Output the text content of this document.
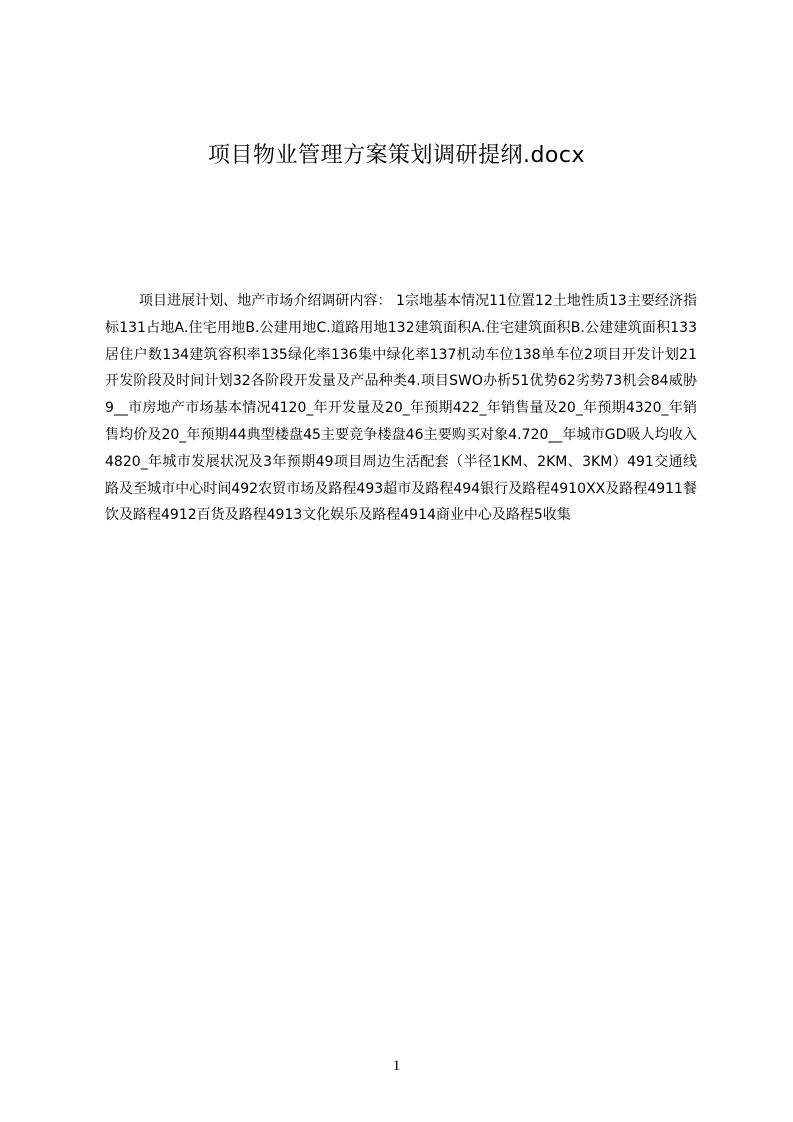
项目物业管理方案策划调研提纲.docx

项目进展计划、地产市场介绍调研内容： 1宗地基本情况11位置12土地性质13主要经济指标131占地A.住宅用地B.公建用地C.道路用地132建筑面积A.住宅建筑面积B.公建建筑面积133居住户数134建筑容积率135绿化率136集中绿化率137机动车位138单车位2项目开发计划21开发阶段及时间计划32各阶段开发量及产品种类4.项目SWO办析51优势62劣势73机会84威胁9__市房地产市场基本情况4120_年开发量及20_年预期422_年销售量及20_年预期4320_年销售均价及20_年预期44典型楼盘45主要竞争楼盘46主要购买对象4.720__年城市GD吸人均收入4820_年城市发展状况及3年预期49项目周边生活配套（半径1KM、2KM、3KM）491交通线路及至城市中心时间492农贸市场及路程493超市及路程494银行及路程4910XX及路程4911餐饮及路程4912百货及路程4913文化娱乐及路程4914商业中心及路程5收集

1
